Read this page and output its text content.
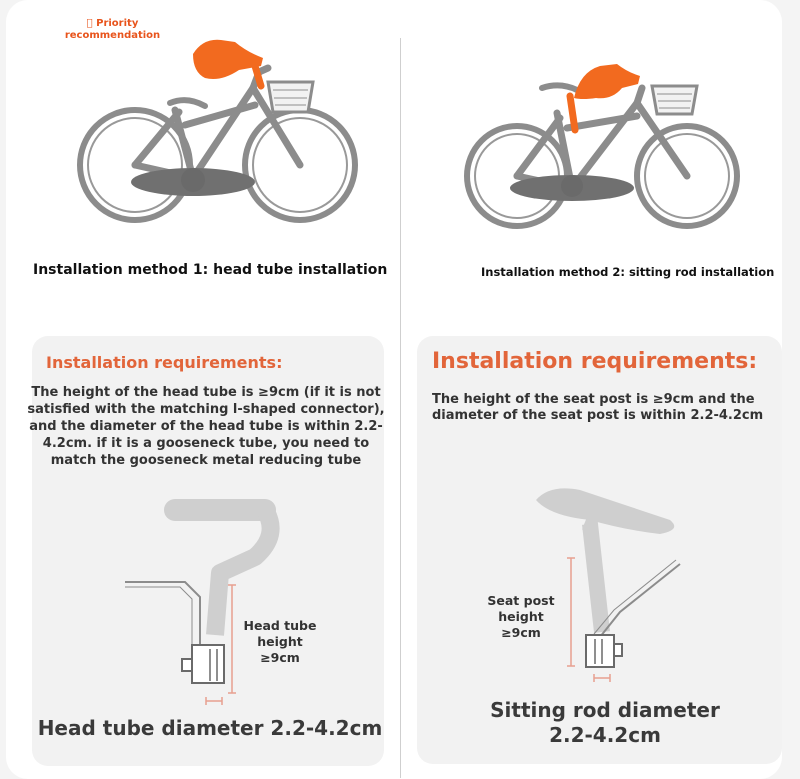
Priority recommendation
Installation method 1: head tube installation	Installation method 2: sitting rod installation
Installation requirements:
The height of the head tube is ≥9cm (if it is not satisfied with the matching l-shaped connector), and the diameter of the head tube is within 2.2-4.2cm. if it is a gooseneck tube, you need to match the gooseneck metal reducing tube
Head tube height ≥9cm
Head tube diameter 2.2-4.2cm
Installation requirements:
The height of the seat post is ≥9cm and the diameter of the seat post is within 2.2-4.2cm
Seat post height ≥9cm
Sitting rod diameter 2.2-4.2cm
